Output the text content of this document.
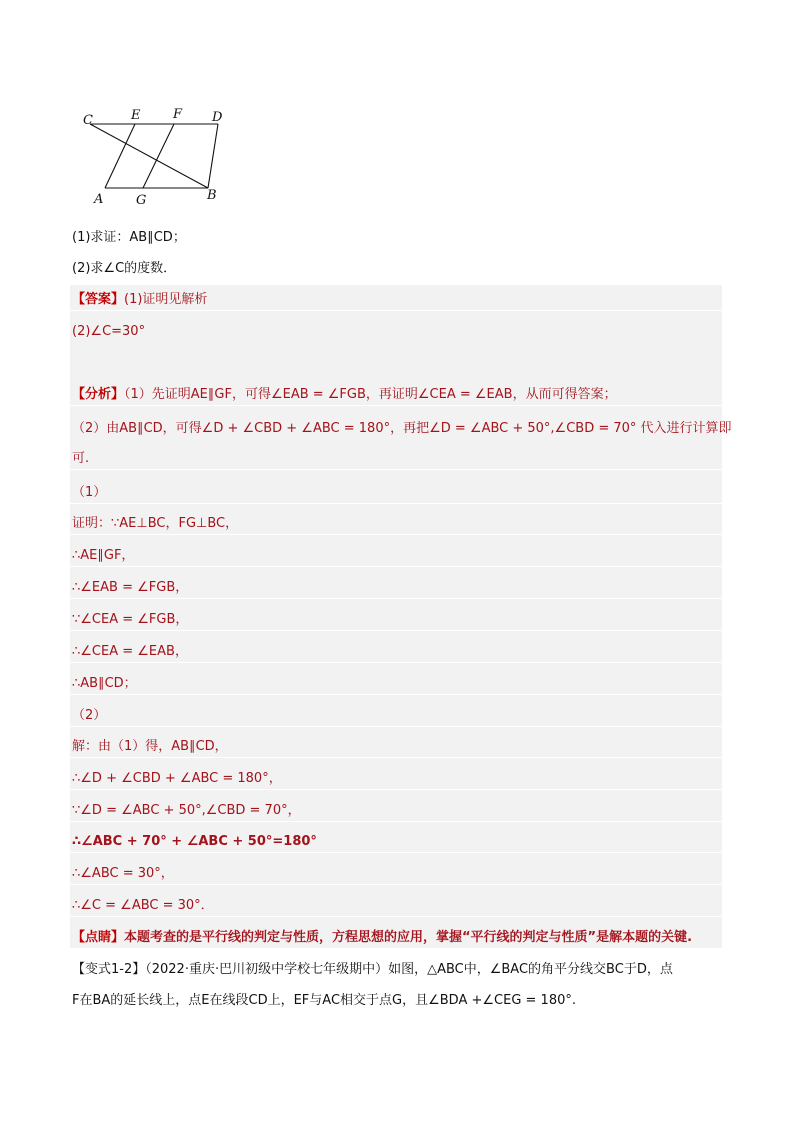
C	E	F D
A	G	B
(1)求证：AB∥CD；
(2)求∠C的度数．
【答案】(1)证明见解析
(2)∠C=30°
【分析】（1）先证明AE∥GF，可得∠EAB = ∠FGB，再证明∠CEA = ∠EAB，从而可得答案；
（2）由AB∥CD，可得∠D + ∠CBD + ∠ABC = 180°，再把∠D = ∠ABC + 50°,∠CBD = 70° 代入进行计算即
可.
（1）
证明：∵AE⊥BC，FG⊥BC，
∴AE∥GF，
∴∠EAB = ∠FGB，
∵∠CEA = ∠FGB，
∴∠CEA = ∠EAB，
∴AB∥CD；
（2）
解：由（1）得，AB∥CD，
∴∠D + ∠CBD + ∠ABC = 180°，
∵∠D = ∠ABC + 50°,∠CBD = 70°，
∴∠ABC + 70° + ∠ABC + 50°=180°
∴∠ABC = 30°，
∴∠C = ∠ABC = 30°．
【点睛】本题考查的是平行线的判定与性质，方程思想的应用，掌握“平行线的判定与性质”是解本题的关键.
【变式1-2】（2022·重庆·巴川初级中学校七年级期中）如图，△ABC中，∠BAC的角平分线交BC于D，点
F在BA的延长线上，点E在线段CD上，EF与AC相交于点G，且∠BDA +∠CEG = 180°.
